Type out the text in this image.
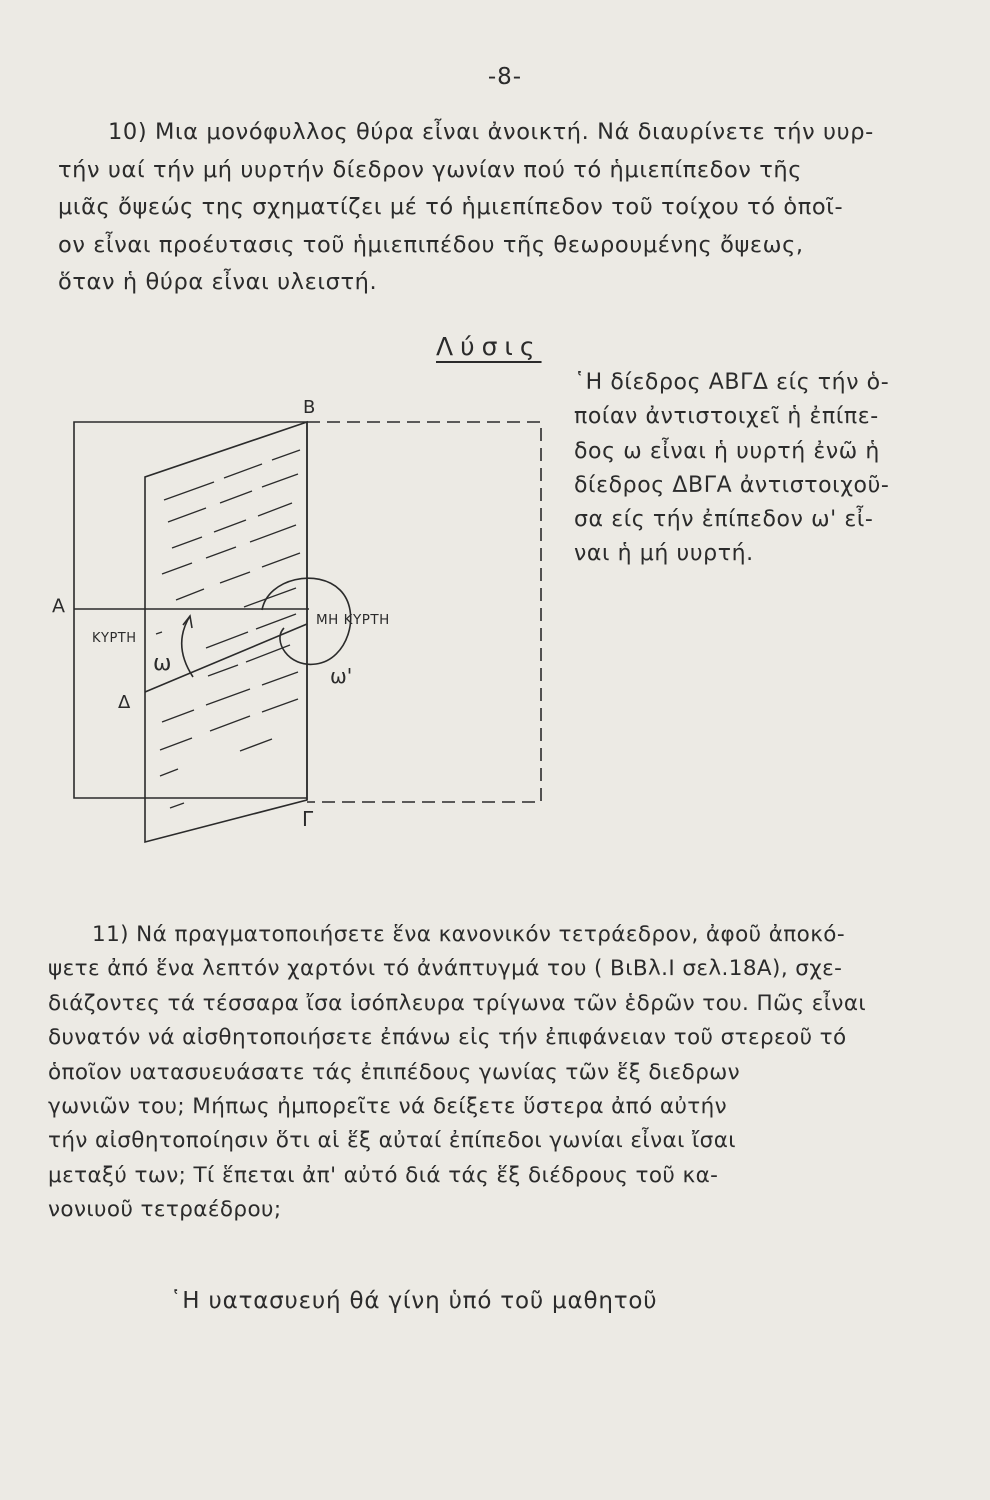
-8-
10) Μια μονόφυλλος θύρα εἶναι ἀνοικτή. Νά διαυρίνετε τήν υυρ-
τήν υαί τήν μή υυρτήν δίεδρον γωνίαν πού τό ἡμιεπίπεδον τῆς
μιᾶς ὄψεώς της σχηματίζει μέ τό ἡμιεπίπεδον τοῦ τοίχου τό ὁποῖ-
ον εἶναι προέυτασις τοῦ ἡμιεπιπέδου τῆς θεωρουμένης ὄψεως,
ὅταν ἡ θύρα εἶναι υλειστή.
Λύσις
῾Η δίεδρος ΑΒΓΔ είς τήν ὁ-
ποίαν ἀντιστοιχεῖ ἡ ἐπίπε-
δος ω εἶναι ἡ υυρτή ἐνῶ ἡ
δίεδρος ΔΒΓΑ ἀντιστοιχοῦ-
σα είς τήν ἐπίπεδον ω' εἶ-
ναι ἡ μή υυρτή.
Β
Α
Δ
Γ
ΚΥΡΤΗ
ΜΗ ΚΥΡΤΗ
ω	ω'
11) Νά πραγματοποιήσετε ἕνα κανονικόν τετράεδρον, ἀφοῦ ἀποκό-
ψετε ἀπό ἕνα λεπτόν χαρτόνι τό ἀνάπτυγμά του ( ΒιΒλ.Ι σελ.18Α), σχε-
διάζοντες τά τέσσαρα ἴσα ἰσόπλευρα τρίγωνα τῶν ἑδρῶν του. Πῶς εἶναι
δυνατόν νά αἰσθητοποιήσετε ἐπάνω εἰς τήν ἐπιφάνειαν τοῦ στερεοῦ τό
ὁποῖον υατασυευάσατε τάς ἐπιπέδους γωνίας τῶν ἕξ διεδρων
γωνιῶν του; Μήπως ἠμπορεῖτε νά δείξετε ὕστερα ἀπό αὐτήν
τήν αἰσθητοποίησιν ὅτι αἱ ἕξ αὐταί ἐπίπεδοι γωνίαι εἶναι ἴσαι
μεταξύ των; Τί ἕπεται ἀπ' αὐτό διά τάς ἕξ διέδρους τοῦ κα-
νονιυοῦ τετραέδρου;
῾Η υατασυευή θά γίνη ὑπό τοῦ μαθητοῦ
